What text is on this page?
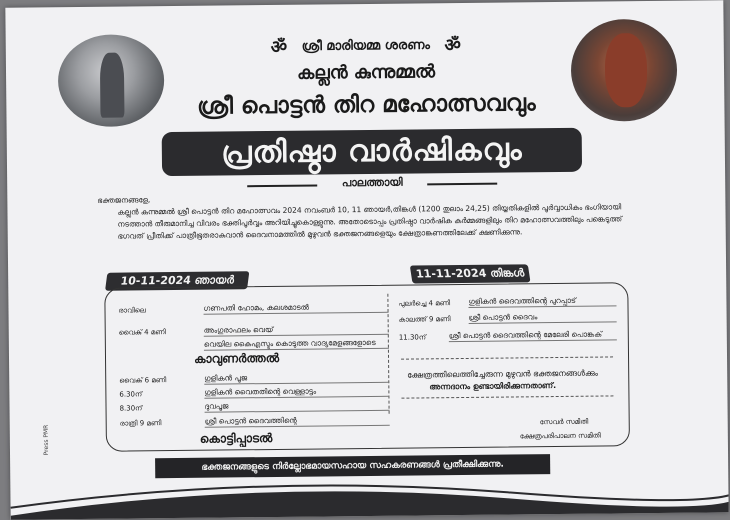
ॐ ശ്രീ മാരിയമ്മ ശരണം ॐ
കല്ലൻ കുന്നുമ്മൽ
ശ്രീ പൊട്ടൻ തിറ മഹോത്സവവും
പ്രതിഷ്ഠാ വാർഷികവും
പാലത്തായി
ഭക്തജനങ്ങളേ,
കല്ലൻ കുന്നുമ്മൽ ശ്രീ പൊട്ടൻ തിറ മഹോത്സവം 2024 നവംബർ 10, 11 ഞായർ,തിങ്കൾ (1200 തുലാം 24,25) തിയ്യതികളിൽ പൂർവ്വാധികം ഭംഗിയായി നടത്താൻ തീരുമാനിച്ച വിവരം ഭക്തിപൂർവ്വം അറിയിച്ചുകൊള്ളുന്നു. അതോടൊപ്പം പ്രതിഷ്ഠാ വാർഷിക കർമ്മങ്ങളിലും തിറ മഹോത്സവത്തിലും പങ്കെടുത്ത് ഭഗവത് പ്രീതിക്ക് പാത്രീഭൂതരാകുവാൻ ദൈവനാമത്തിൽ മുഴുവൻ ഭക്തജനങ്ങളെയും ക്ഷേത്രാങ്കണത്തിലേക്ക് ക്ഷണിക്കുന്നു.
10-11-2024 ഞായർ	11-11-2024 തിങ്കൾ
രാവിലെ	ഗണപതി ഹോമം, കലശമാടൽ
വൈകു് 4 മണി	അംഗുരാഫലം വെയ്
വെയില കൈഎസ്ടം കൊടുത്ത വാദ്യമേളങ്ങളോടെ
കാവുണർത്തൽ
വൈകു് 6 മണി	ഗുളികൻ പൂജ
6.30ന്	ഗുളികൻ വൈതതിന്റെ വെള്ളാട്ടം
8.30ന്	ദുവപൂജ
രാത്രി 9 മണി	ശ്രീ പൊട്ടൻ ദൈവത്തിന്റെ
കൊട്ടിപ്പാടൽ
പുലർച്ചെ 4 മണി	ഗുളികൻ ദൈവത്തിന്റെ പുറപ്പാട്
കാലത്ത് 9 മണി	ശ്രീ പൊട്ടൻ ദൈവം
11.30ന്	ശ്രീ പൊട്ടൻ ദൈവത്തിന്റെ മേലേരി പൊങ്കക്
ക്ഷേത്രത്തിലെത്തിച്ചേരുന്ന മുഴുവൻ ഭക്തജനങ്ങൾക്കും
അന്നദാനം ഉണ്ടായിരിക്കുന്നതാണ്.
സേവർ സമിതി
ക്ഷേത്രപരിപാലന സമിതി
ഭക്തജനങ്ങളുടെ നിർല്ലോഭമായസഹായ സഹകരണങ്ങൾ പ്രതീക്ഷിക്കുന്നു.
Press PMR
